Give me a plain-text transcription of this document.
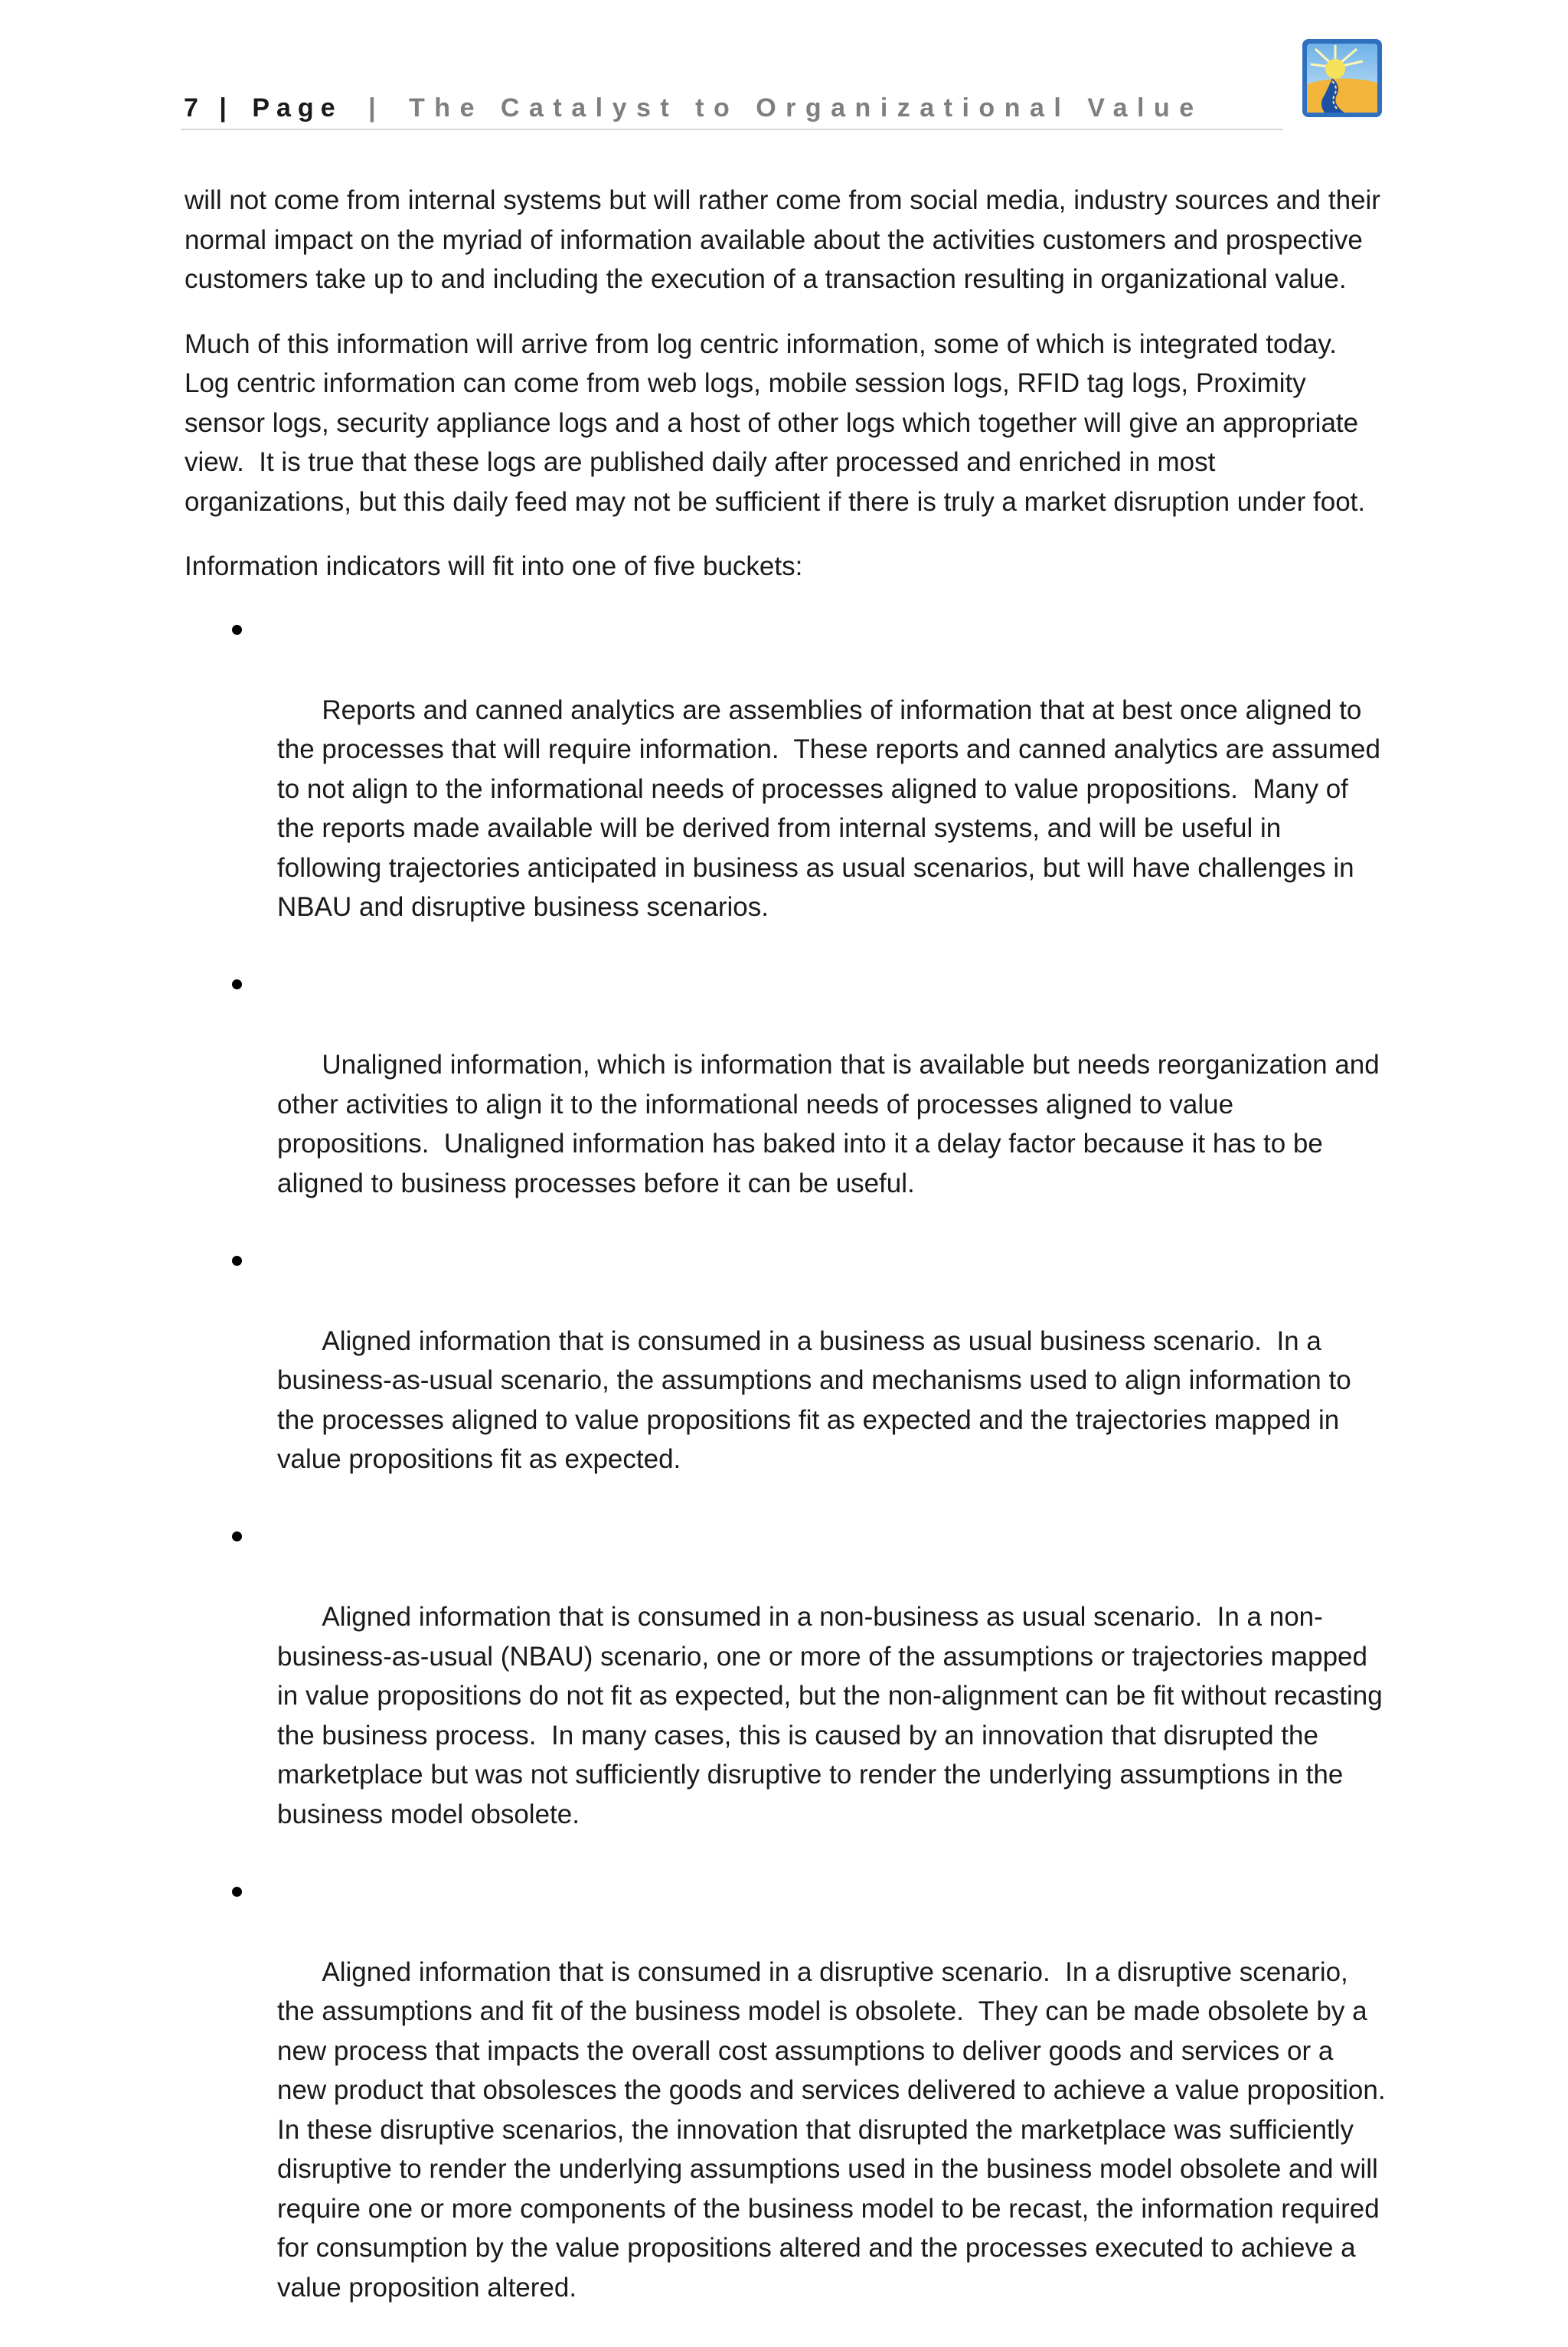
7 | Page | The Catalyst to Organizational Value

will not come from internal systems but will rather come from social media, industry sources and their normal impact on the myriad of information available about the activities customers and prospective customers take up to and including the execution of a transaction resulting in organizational value.

Much of this information will arrive from log centric information, some of which is integrated today.  Log centric information can come from web logs, mobile session logs, RFID tag logs, Proximity sensor logs, security appliance logs and a host of other logs which together will give an appropriate view.  It is true that these logs are published daily after processed and enriched in most organizations, but this daily feed may not be sufficient if there is truly a market disruption under foot.

Information indicators will fit into one of five buckets:

Reports and canned analytics are assemblies of information that at best once aligned to the processes that will require information.  These reports and canned analytics are assumed to not align to the informational needs of processes aligned to value propositions.  Many of the reports made available will be derived from internal systems, and will be useful in following trajectories anticipated in business as usual scenarios, but will have challenges in NBAU and disruptive business scenarios.

Unaligned information, which is information that is available but needs reorganization and other activities to align it to the informational needs of processes aligned to value propositions.  Unaligned information has baked into it a delay factor because it has to be aligned to business processes before it can be useful.

Aligned information that is consumed in a business as usual business scenario.  In a business-as-usual scenario, the assumptions and mechanisms used to align information to the processes aligned to value propositions fit as expected and the trajectories mapped in value propositions fit as expected.

Aligned information that is consumed in a non-business as usual scenario.  In a non-business-as-usual (NBAU) scenario, one or more of the assumptions or trajectories mapped in value propositions do not fit as expected, but the non-alignment can be fit without recasting the business process.  In many cases, this is caused by an innovation that disrupted the marketplace but was not sufficiently disruptive to render the underlying assumptions in the business model obsolete.

Aligned information that is consumed in a disruptive scenario.  In a disruptive scenario, the assumptions and fit of the business model is obsolete.  They can be made obsolete by a new process that impacts the overall cost assumptions to deliver goods and services or a new product that obsolesces the goods and services delivered to achieve a value proposition.  In these disruptive scenarios, the innovation that disrupted the marketplace was sufficiently disruptive to render the underlying assumptions used in the business model obsolete and will require one or more components of the business model to be recast, the information required for consumption by the value propositions altered and the processes executed to achieve a value proposition altered.
